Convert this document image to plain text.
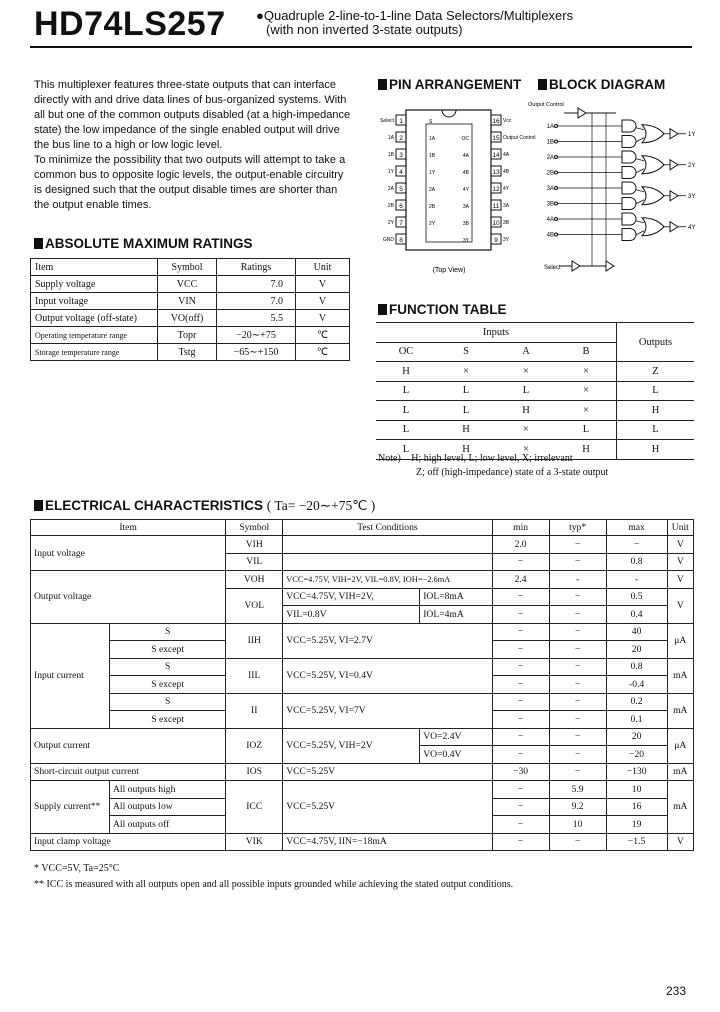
HD74LS257 ●Quadruple 2-line-to-1-line Data Selectors/Multiplexers
(with non inverted 3-state outputs)

This multiplexer features three-state outputs that can interface directly with and drive data lines of bus-organized systems. With all but one of the common outputs disabled (at a high-impedance state) the low impedance of the single enabled output will drive the bus line to a high or low logic level.

To minimize the possibility that two outputs will attempt to take a common bus to opposite logic levels, the output-enable circuitry is designed such that the output disable times are shorter than the output enable times.

PIN ARRANGEMENT
1
Select	S
2
1A	1A
3
1B	1B
4
1Y	1Y
5
2A	2A
6
2B	2B
7
2Y	2Y
8
GND
16 Vcc
15 Output Control
OC
14 4A
4A
13 4B
4B
12 4Y
4Y
11 3A
3A
10 3B
3B
9 3Y
3Y
(Top View)
BLOCK DIAGRAM
Output Control
1A
1B
2A
2B
3A
3B
4A
4B
1Y
2Y
3Y
4Y
Select
ABSOLUTE MAXIMUM RATINGS
Item	Symbol	Ratings	Unit
Supply voltage	VCC	7.0	V
Input voltage	VIN	7.0	V
Output voltage (off-state)	VO(off)	5.5	V
Operating temperature range	Topr	−20∼+75	℃
Storage temperature range	Tstg	−65∼+150	℃
FUNCTION TABLE
Inputs				Outputs
OC	S	A	B	
H	×	×	×	Z
L	L	L	×	L
L	L	H	×	H
L	H	×	L	L
L	H	×	H	H
Note) H; high level, L; low level, X; irrelevant
Z; off (high-impedance) state of a 3-state output
ELECTRICAL CHARACTERISTICS ( Ta= −20∼+75℃ )
Item		Symbol	Test Conditions		min	typ*	max	Unit
Input voltage		VIH			2.0	−	−	V
		VIL			−	−	0.8	V
Output voltage		VOH	VCC=4.75V, VIH=2V, VIL=0.8V, IOH=−2.6mA		2.4	-	-	V
		VOL	VCC=4.75V, VIH=2V,	IOL=8mA	−	−	0.5	V
			VIL=0.8V	IOL=4mA	−	−	0.4	
Input current	S	IIH	VCC=5.25V, VI=2.7V		−	−	40	μA
	S except				−	−	20	
	S	IIL	VCC=5.25V, VI=0.4V		−	−	0.8	mA
	S except				−	−	-0.4	
	S	II	VCC=5.25V, VI=7V		−	−	0.2	mA
	S except				−	−	0.1	
Output current		IOZ	VCC=5.25V, VIH=2V	VO=2.4V	−	−	20	μA
				VO=0.4V	−	−	−20	
Short-circuit output current		IOS	VCC=5.25V		−30	−	−130	mA
Supply current**	All outputs high	ICC	VCC=5.25V		−	5.9	10	mA
	All outputs low				−	9.2	16	
	All outputs off				−	10	19	
Input clamp voltage		VIK	VCC=4.75V, IIN=−18mA		−	−	−1.5	V
* VCC=5V, Ta=25°C
** ICC is measured with all outputs open and all possible inputs grounded while achieving the stated output conditions.
233
